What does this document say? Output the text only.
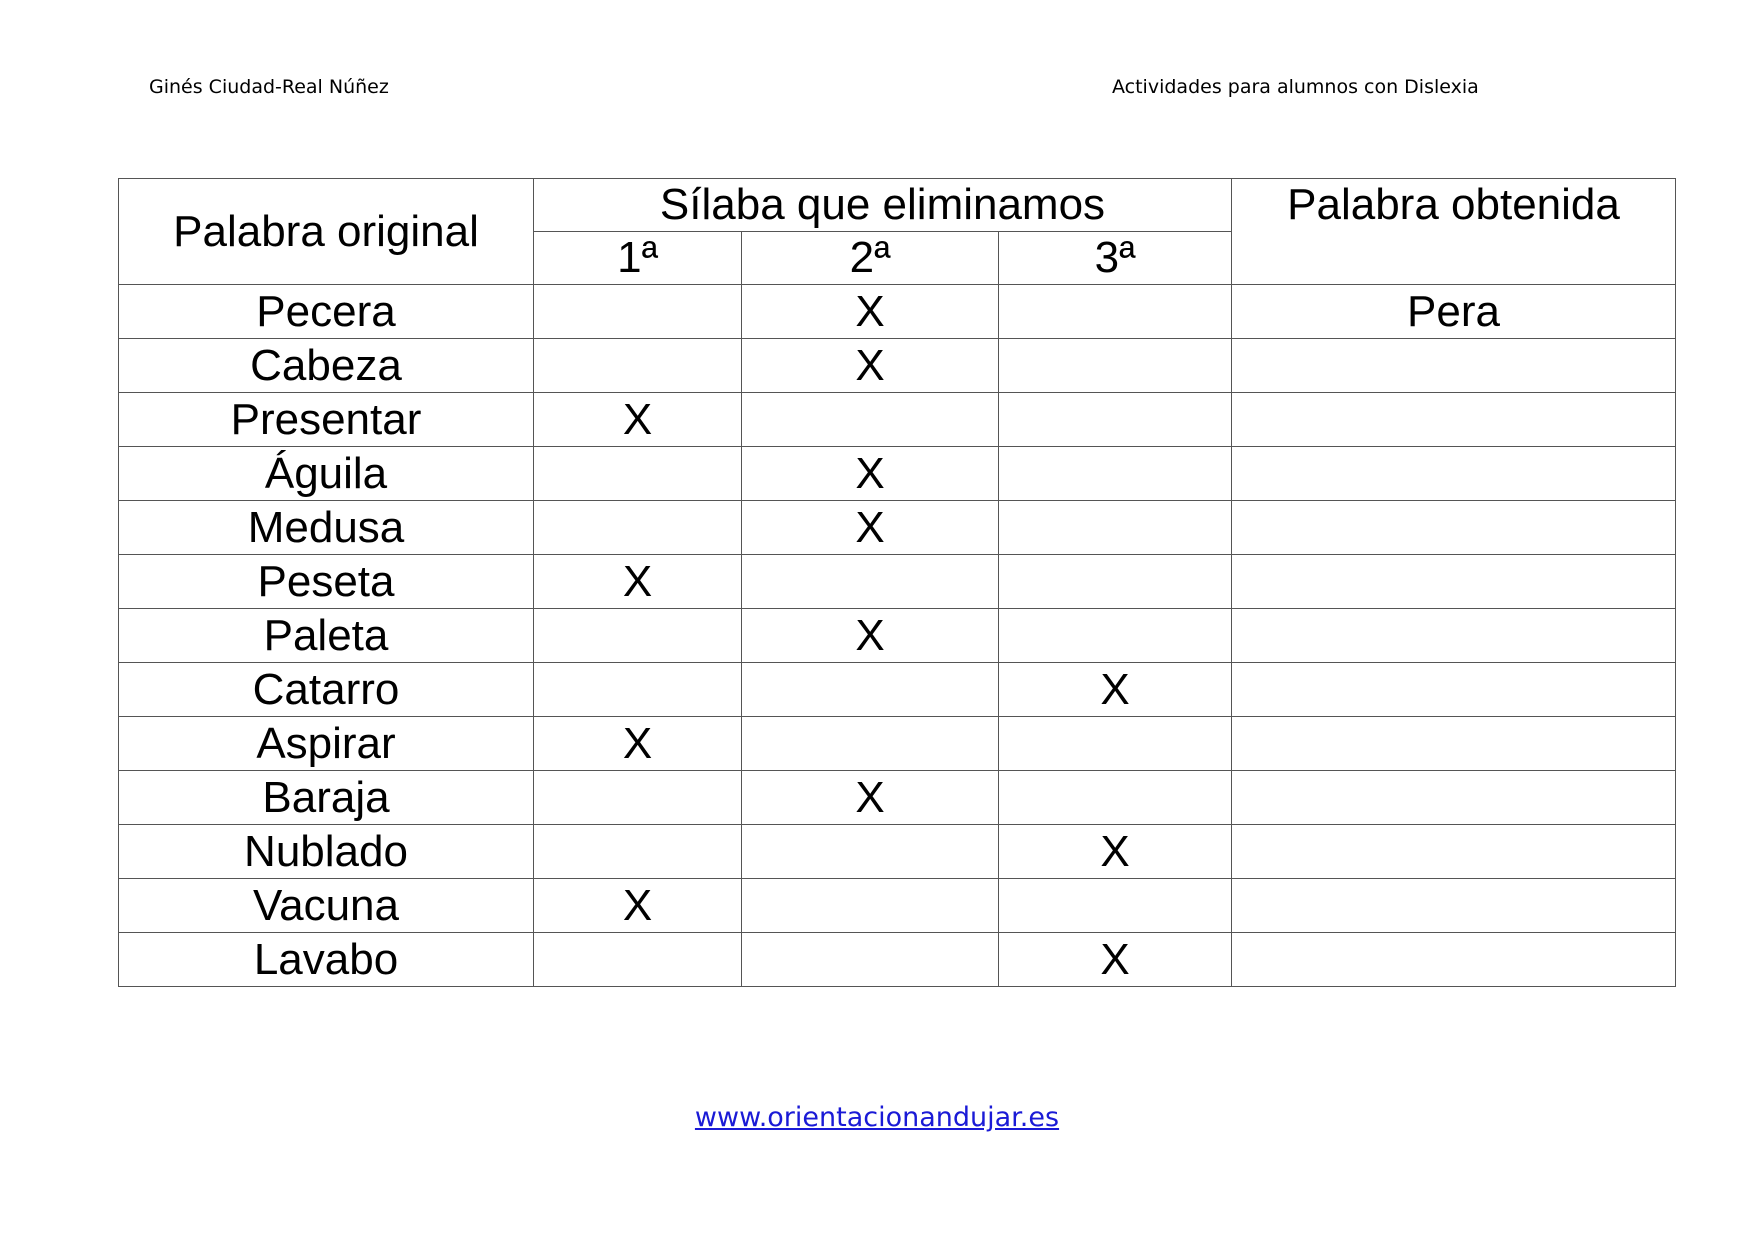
Ginés Ciudad-Real Núñez	Actividades para alumnos con Dislexia
Palabra original	Sílaba que eliminamos			Palabra obtenida
	1ª	2ª	3ª	
Pecera		X		Pera
Cabeza		X		
Presentar	X			
Águila		X		
Medusa		X		
Peseta	X			
Paleta		X		
Catarro			X	
Aspirar	X			
Baraja		X		
Nublado			X	
Vacuna	X			
Lavabo			X	
www.orientacionandujar.es
